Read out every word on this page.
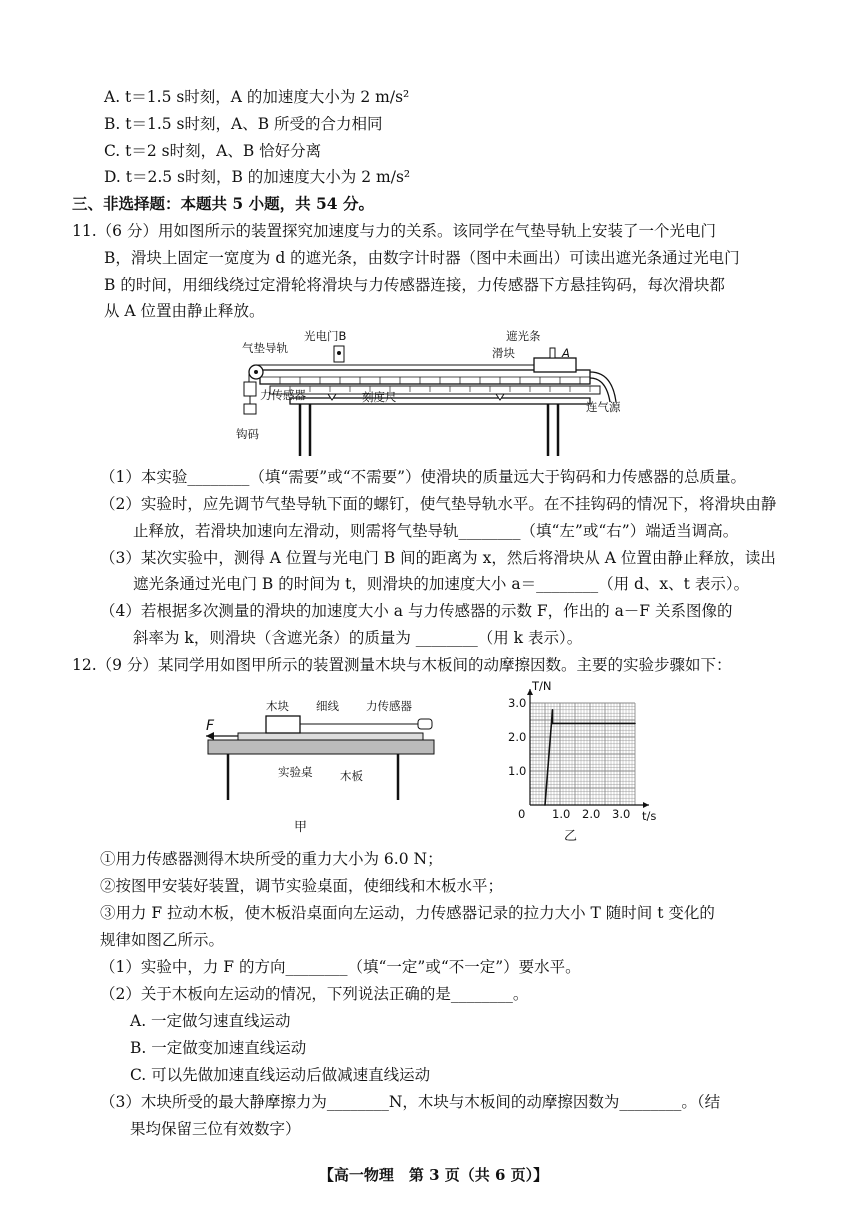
A. t＝1.5 s时刻，A 的加速度大小为 2 m/s²
B. t＝1.5 s时刻，A、B 所受的合力相同
C. t＝2 s时刻，A、B 恰好分离
D. t＝2.5 s时刻，B 的加速度大小为 2 m/s²
三、非选择题：本题共 5 小题，共 54 分。
11.（6 分）用如图所示的装置探究加速度与力的关系。该同学在气垫导轨上安装了一个光电门
B，滑块上固定一宽度为 d 的遮光条，由数字计时器（图中未画出）可读出遮光条通过光电门
B 的时间，用细线绕过定滑轮将滑块与力传感器连接，力传感器下方悬挂钩码，每次滑块都
从 A 位置由静止释放。
光电门B
气垫导轨
遮光条
滑块	A
力传感器	刻度尺
连气源
钩码
（1）本实验________（填“需要”或“不需要”）使滑块的质量远大于钩码和力传感器的总质量。
（2）实验时，应先调节气垫导轨下面的螺钉，使气垫导轨水平。在不挂钩码的情况下，将滑块由静
止释放，若滑块加速向左滑动，则需将气垫导轨________（填“左”或“右”）端适当调高。
（3）某次实验中，测得 A 位置与光电门 B 间的距离为 x，然后将滑块从 A 位置由静止释放，读出
遮光条通过光电门 B 的时间为 t，则滑块的加速度大小 a＝________（用 d、x、t 表示）。
（4）若根据多次测量的滑块的加速度大小 a 与力传感器的示数 F，作出的 a－F 关系图像的
斜率为 k，则滑块（含遮光条）的质量为 ________（用 k 表示）。
12.（9 分）某同学用如图甲所示的装置测量木块与木板间的动摩擦因数。主要的实验步骤如下：
木块 细线 力传感器
F
实验桌 木板
甲
0 1.0 2.0 3.0
1.0
2.0
3.0
T/N
t/s
乙
①用力传感器测得木块所受的重力大小为 6.0 N；
②按图甲安装好装置，调节实验桌面，使细线和木板水平；
③用力 F 拉动木板，使木板沿桌面向左运动，力传感器记录的拉力大小 T 随时间 t 变化的
规律如图乙所示。
（1）实验中，力 F 的方向________（填“一定”或“不一定”）要水平。
（2）关于木板向左运动的情况，下列说法正确的是________。
A. 一定做匀速直线运动
B. 一定做变加速直线运动
C. 可以先做加速直线运动后做减速直线运动
（3）木块所受的最大静摩擦力为________N，木块与木板间的动摩擦因数为________。（结
果均保留三位有效数字）
【高一物理　第 3 页（共 6 页）】
